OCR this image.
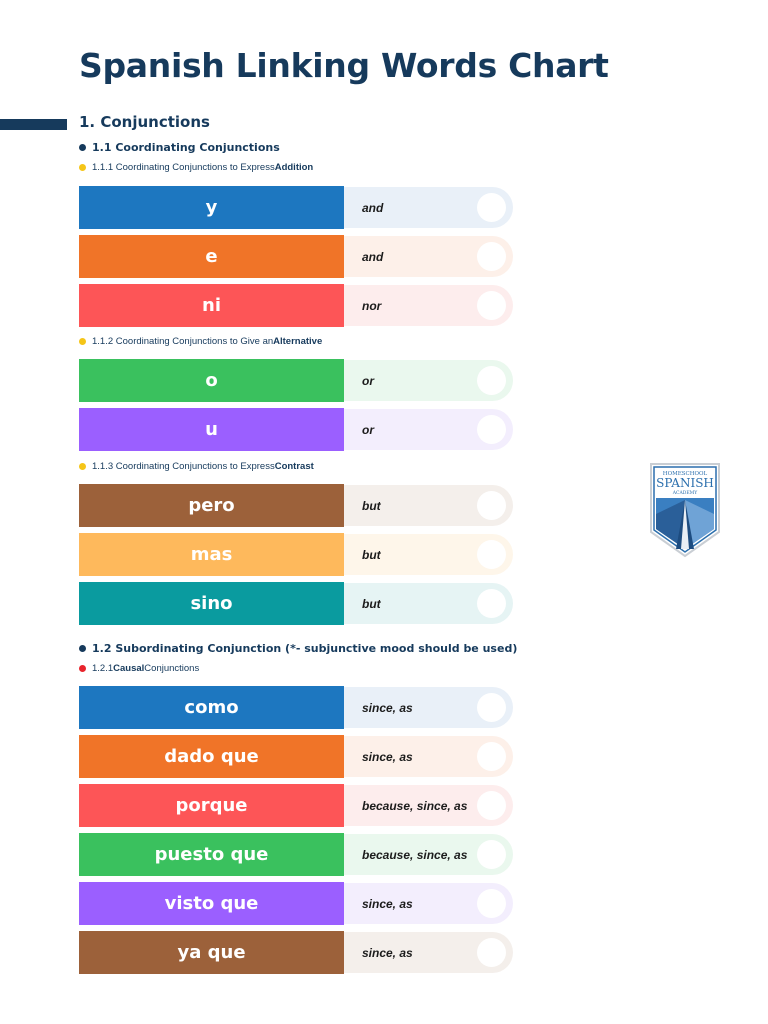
Spanish Linking Words Chart
1. Conjunctions
1.1 Coordinating Conjunctions
1.1.1 Coordinating Conjunctions to Express Addition
1.1.2 Coordinating Conjunctions to Give an Alternative
1.1.3 Coordinating Conjunctions to Express Contrast
1.2 Subordinating Conjunction (*- subjunctive mood should be used)
1.2.1 Causal Conjunctions
y	and
e	and
ni	nor
o	or
u	or
pero	but
mas	but
sino	but
como	since, as
dado que	since, as
porque	because, since, as
puesto que	because, since, as
visto que	since, as
ya que	since, as
HOMESCHOOL
SPANISH
ACADEMY
